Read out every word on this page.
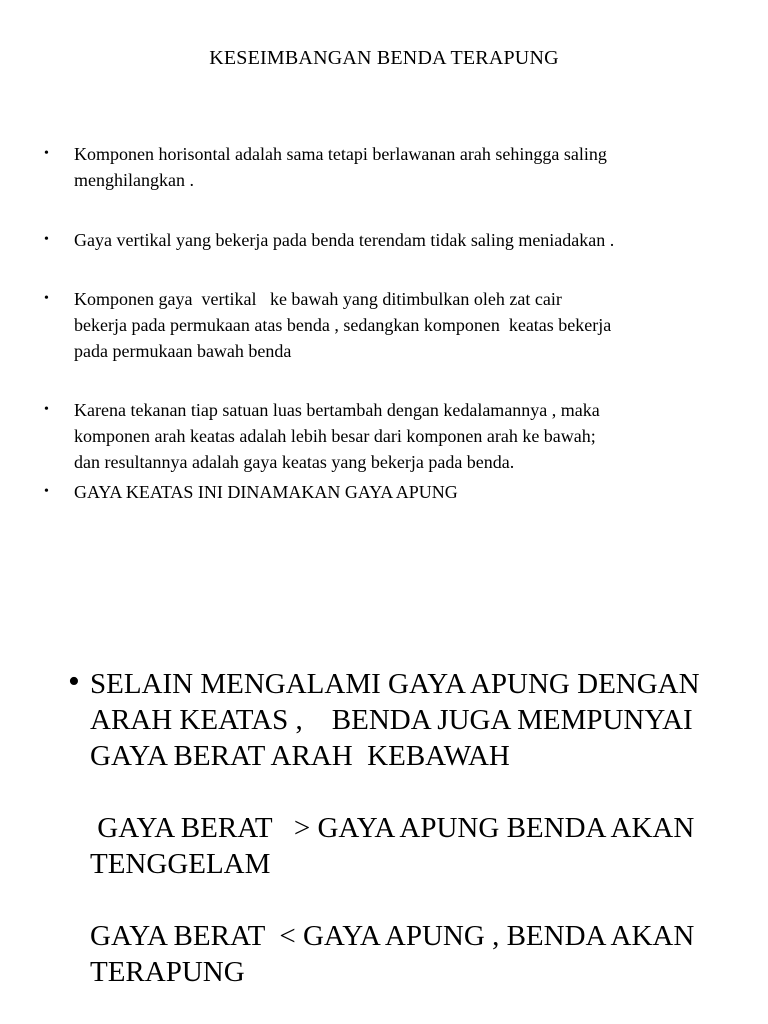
KESEIMBANGAN BENDA TERAPUNG
•	Komponen horisontal adalah sama tetapi berlawanan arah sehingga saling
menghilangkan .
•	Gaya vertikal yang bekerja pada benda terendam tidak saling meniadakan .
•	Komponen gaya  vertikal   ke bawah yang ditimbulkan oleh zat cair
bekerja pada permukaan atas benda , sedangkan komponen  keatas bekerja
pada permukaan bawah benda
•	Karena tekanan tiap satuan luas bertambah dengan kedalamannya , maka
komponen arah keatas adalah lebih besar dari komponen arah ke bawah;
dan resultannya adalah gaya keatas yang bekerja pada benda.
•	GAYA KEATAS INI DINAMAKAN GAYA APUNG
• SELAIN MENGALAMI GAYA APUNG DENGAN
ARAH KEATAS ,    BENDA JUGA MEMPUNYAI
GAYA BERAT ARAH  KEBAWAH
GAYA BERAT   > GAYA APUNG BENDA AKAN
TENGGELAM
GAYA BERAT  < GAYA APUNG , BENDA AKAN
TERAPUNG
